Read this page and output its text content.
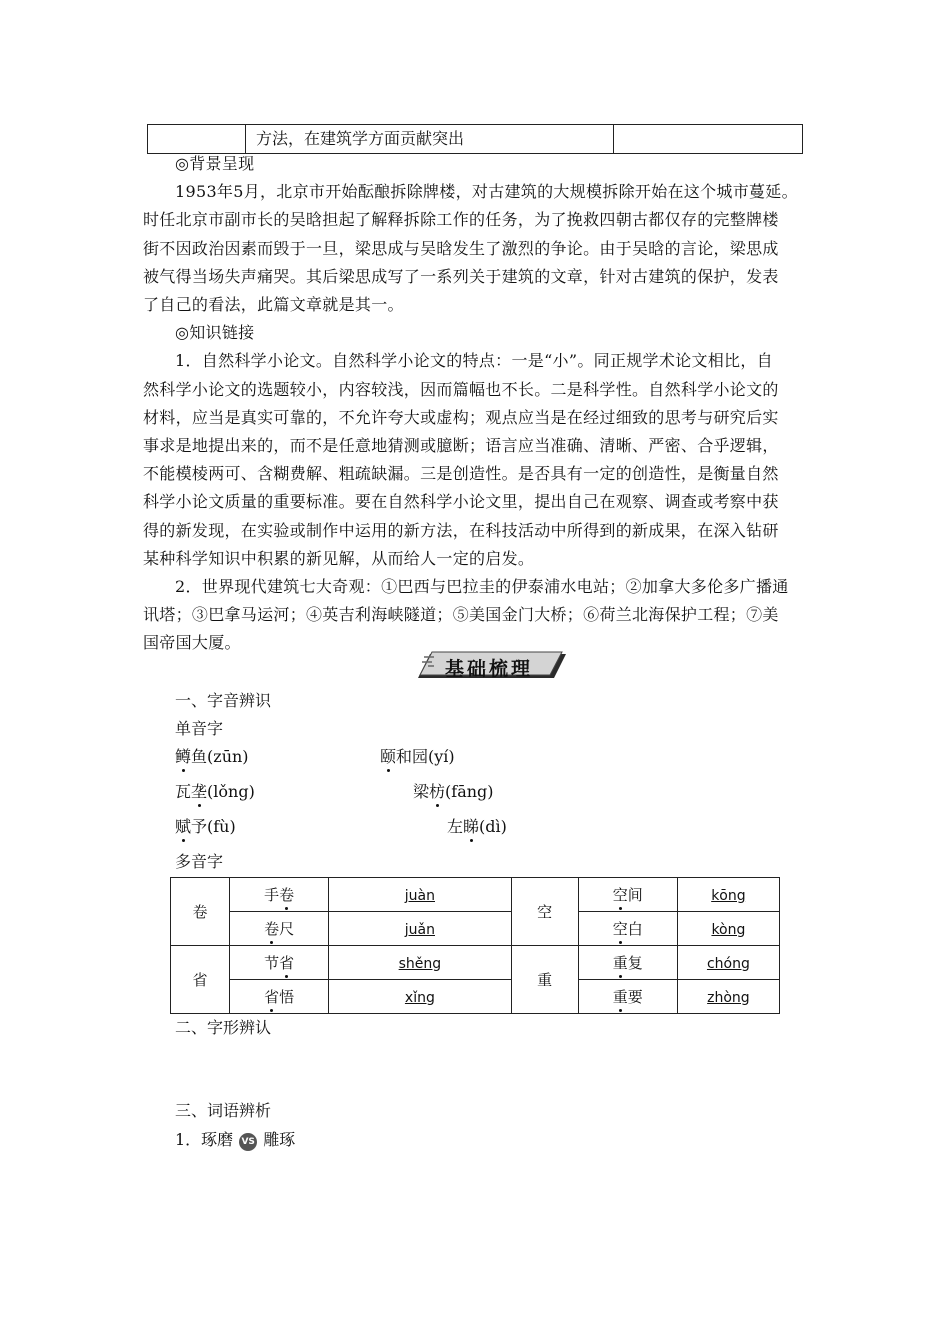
方法，在建筑学方面贡献突出

◎背景呈现

1953年5月，北京市开始酝酿拆除牌楼，对古建筑的大规模拆除开始在这个城市蔓延。

时任北京市副市长的吴晗担起了解释拆除工作的任务，为了挽救四朝古都仅存的完整牌楼

街不因政治因素而毁于一旦，梁思成与吴晗发生了激烈的争论。由于吴晗的言论，梁思成

被气得当场失声痛哭。其后梁思成写了一系列关于建筑的文章，针对古建筑的保护，发表

了自己的看法，此篇文章就是其一。

◎知识链接

1．自然科学小论文。自然科学小论文的特点：一是“小”。同正规学术论文相比，自

然科学小论文的选题较小，内容较浅，因而篇幅也不长。二是科学性。自然科学小论文的

材料，应当是真实可靠的，不允许夸大或虚构；观点应当是在经过细致的思考与研究后实

事求是地提出来的，而不是任意地猜测或臆断；语言应当准确、清晰、严密、合乎逻辑，

不能模棱两可、含糊费解、粗疏缺漏。三是创造性。是否具有一定的创造性，是衡量自然

科学小论文质量的重要标准。要在自然科学小论文里，提出自己在观察、调查或考察中获

得的新发现，在实验或制作中运用的新方法，在科技活动中所得到的新成果，在深入钻研

某种科学知识中积累的新见解，从而给人一定的启发。

2．世界现代建筑七大奇观：①巴西与巴拉圭的伊泰浦水电站；②加拿大多伦多广播通

讯塔；③巴拿马运河；④英吉利海峡隧道；⑤美国金门大桥；⑥荷兰北海保护工程；⑦美

国帝国大厦。

基础梳理
一、字音辨识
单音字
鳟鱼(zūn)	颐和园(yí)
瓦垄(lǒng)	梁枋(fāng)
赋予(fù)	左睇(dì)
多音字
卷	手卷	juàn	空	空间	kōng
	卷尺	juǎn		空白	kòng
省	节省	shěng	重	重复	chóng
	省悟	xǐng		重要	zhòng
二、字形辨认
三、词语辨析
1．琢磨 VS 雕琢
